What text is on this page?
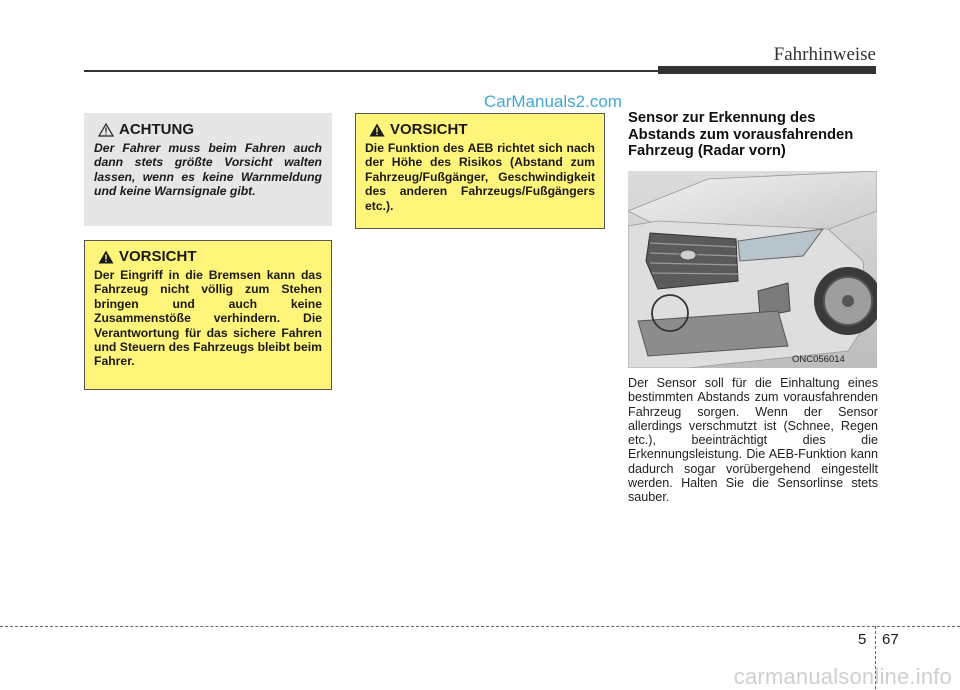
Fahrhinweise
CarManuals2.com
ACHTUNG
Der Fahrer muss beim Fahren auch dann stets größte Vorsicht walten lassen, wenn es keine Warnmeldung und keine Warnsignale gibt.
VORSICHT
Der Eingriff in die Bremsen kann das Fahrzeug nicht völlig zum Stehen bringen und auch keine Zusammenstöße verhindern. Die Verantwortung für das sichere Fahren und Steuern des Fahrzeugs bleibt beim Fahrer.
VORSICHT
Die Funktion des AEB richtet sich nach der Höhe des Risikos (Abstand zum Fahrzeug/Fußgänger, Geschwindigkeit des anderen Fahrzeugs/Fußgängers etc.).
Sensor zur Erkennung des Abstands zum vorausfahrenden Fahrzeug (Radar vorn)
ONC056014
Der Sensor soll für die Einhaltung eines bestimmten Abstands zum vorausfahrenden Fahrzeug sorgen. Wenn der Sensor allerdings verschmutzt ist (Schnee, Regen etc.), beeinträchtigt dies die Erkennungsleistung. Die AEB-Funktion kann dadurch sogar vorübergehend eingestellt werden. Halten Sie die Sensorlinse stets sauber.
5 67
carmanualsonline.info
